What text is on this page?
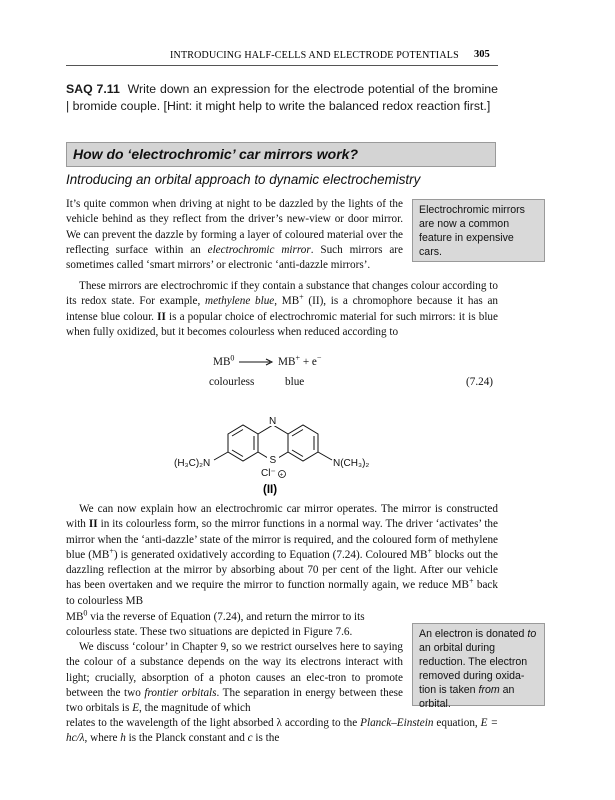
INTRODUCING HALF-CELLS AND ELECTRODE POTENTIALS	305
SAQ 7.11 Write down an expression for the electrode potential of the bromine | bromide couple. [Hint: it might help to write the balanced redox reaction first.]
How do ‘electrochromic’ car mirrors work?
Introducing an orbital approach to dynamic electrochemistry

It’s quite common when driving at night to be dazzled by the lights of the vehicle behind as they reflect from the driver’s new-view or door mirror. We can prevent the dazzle by forming a layer of coloured material over the reflecting surface within an electrochromic mirror. Such mirrors are sometimes called ‘smart mirrors’ or electronic ‘anti-dazzle mirrors’.

Electrochromic mirrors are now a common feature in expensive cars.

These mirrors are electrochromic if they contain a substance that changes colour according to its redox state. For example, methylene blue, MB+ (II), is a chromophore because it has an intense blue colour. II is a popular choice of electrochromic material for such mirrors: it is blue when fully oxidized, but it becomes colourless when reduced according to

$MB^0 \to MB^+ + e^-$
colourless	blue	(7.24)
N
S
(H₃C)₂N	N(CH₃)₂
Cl⁻ +
(II)

We can now explain how an electrochromic car mirror operates. The mirror is constructed with II in its colourless form, so the mirror functions in a normal way. The driver ‘activates’ the mirror when the ‘anti-dazzle’ state of the mirror is required, and the coloured form of methylene blue (MB+) is generated oxidatively according to Equation (7.24). Coloured MB+ blocks out the dazzling reflection at the mirror by absorbing about 70 per cent of the light. After our vehicle has been overtaken and we require the mirror to function normally again, we reduce MB+ back to colourless MB

$MB^0$ via the reverse of Equation (7.24), and return the mirror to its

colourless state. These two situations are depicted in Figure 7.6.	An electron is donated to an orbital during reduction. The electron removed during oxida-tion is taken from an orbital.

We discuss ‘colour’ in Chapter 9, so we restrict ourselves here to saying the colour of a substance depends on the way its electrons interact with light; crucially, absorption of a photon causes an elec-tron to promote between the two frontier orbitals. The separation in energy between these two orbitals is E, the magnitude of which

relates to the wavelength of the light absorbed λ according to the Planck–Einstein equation, E = hc/λ, where h is the Planck constant and c is the
